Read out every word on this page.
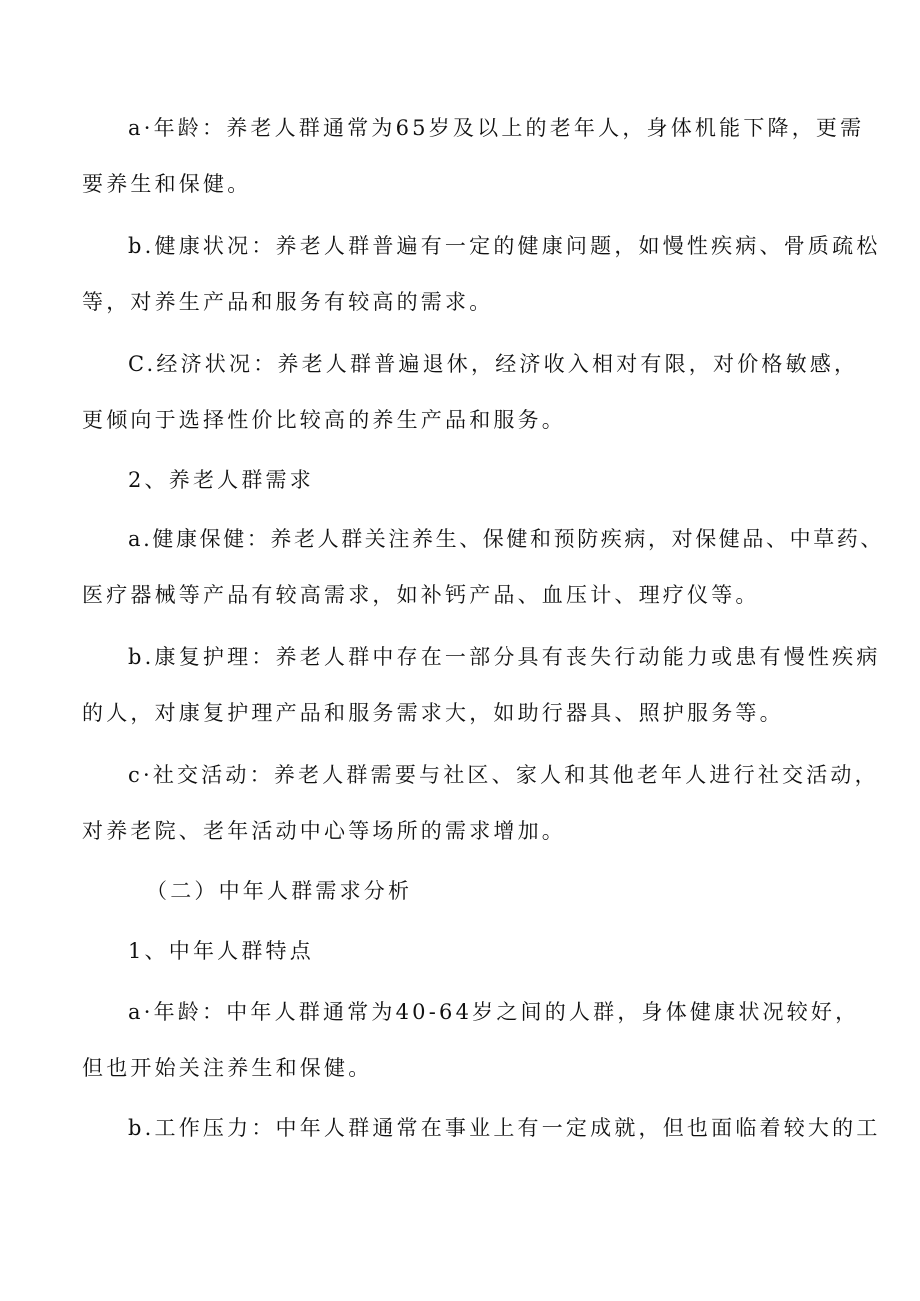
a·年龄：养老人群通常为65岁及以上的老年人，身体机能下降，更需
要养生和保健。
b.健康状况：养老人群普遍有一定的健康问题，如慢性疾病、骨质疏松
等，对养生产品和服务有较高的需求。
C.经济状况：养老人群普遍退休，经济收入相对有限，对价格敏感，
更倾向于选择性价比较高的养生产品和服务。
2、养老人群需求
a.健康保健：养老人群关注养生、保健和预防疾病，对保健品、中草药、
医疗器械等产品有较高需求，如补钙产品、血压计、理疗仪等。
b.康复护理：养老人群中存在一部分具有丧失行动能力或患有慢性疾病
的人，对康复护理产品和服务需求大，如助行器具、照护服务等。
c·社交活动：养老人群需要与社区、家人和其他老年人进行社交活动，
对养老院、老年活动中心等场所的需求增加。
（二）中年人群需求分析
1、中年人群特点
a·年龄：中年人群通常为40-64岁之间的人群，身体健康状况较好，
但也开始关注养生和保健。
b.工作压力：中年人群通常在事业上有一定成就，但也面临着较大的工
